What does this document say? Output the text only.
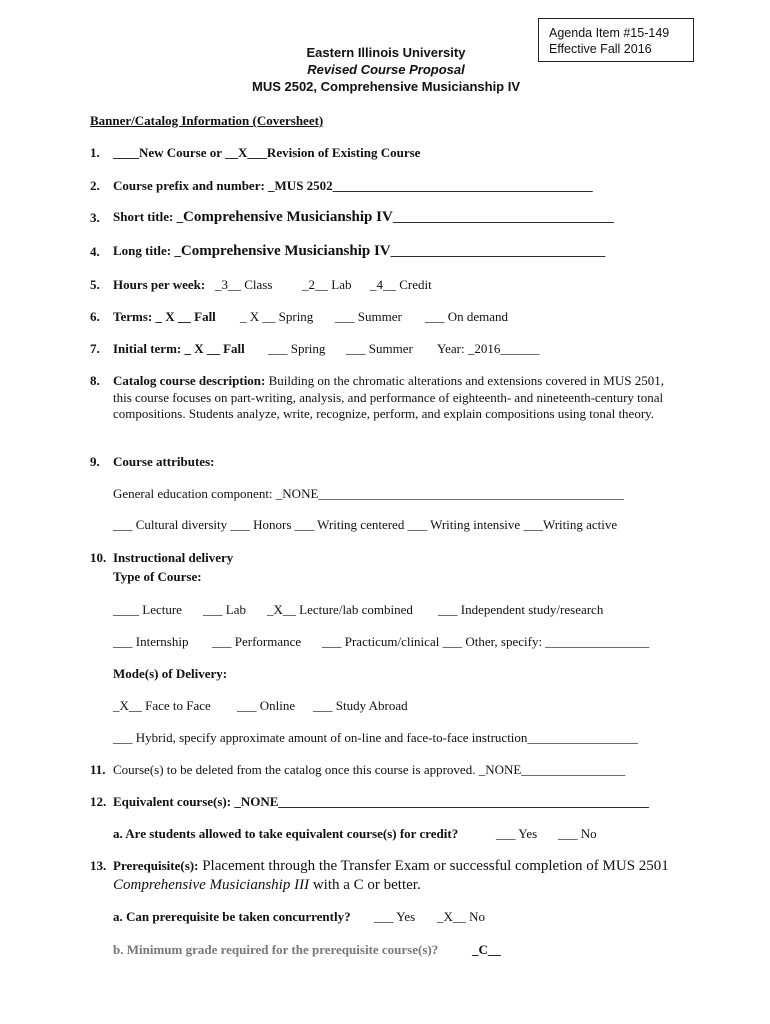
Agenda Item #15-149
Effective Fall 2016
Eastern Illinois University
Revised Course Proposal
MUS 2502, Comprehensive Musicianship IV
Banner/Catalog Information (Coversheet)
1. ____New Course or __X___Revision of Existing Course
2. Course prefix and number: _MUS 2502________________________________________
3. Short title: _Comprehensive Musicianship IV__________________________________
4. Long title: _Comprehensive Musicianship IV_________________________________
5. Hours per week: _3__ Class _2__ Lab _4__ Credit
6. Terms: _ X __ Fall _ X __ Spring ___ Summer ___ On demand
7. Initial term: _ X __ Fall ___ Spring ___ Summer Year: _2016______
8. Catalog course description: Building on the chromatic alterations and extensions covered in MUS 2501, this course focuses on part-writing, analysis, and performance of eighteenth- and nineteenth-century tonal compositions. Students analyze, write, recognize, perform, and explain compositions using tonal theory.
9. Course attributes:
General education component: _NONE_______________________________________________
___ Cultural diversity ___ Honors ___ Writing centered ___ Writing intensive ___Writing active
10. Instructional delivery
Type of Course:
____ Lecture ___ Lab _X__ Lecture/lab combined ___ Independent study/research
___ Internship ___ Performance ___ Practicum/clinical ___ Other, specify: ________________
Mode(s) of Delivery:
_X__ Face to Face ___ Online ___ Study Abroad
___ Hybrid, specify approximate amount of on-line and face-to-face instruction_________________
11. Course(s) to be deleted from the catalog once this course is approved. _NONE________________
12. Equivalent course(s): _NONE_________________________________________________________
a. Are students allowed to take equivalent course(s) for credit?	___ Yes ___ No
13. Prerequisite(s): Placement through the Transfer Exam or successful completion of MUS 2501
Comprehensive Musicianship III with a C or better.
a. Can prerequisite be taken concurrently? ___ Yes _X__ No
b. Minimum grade required for the prerequisite course(s)?	_C__
